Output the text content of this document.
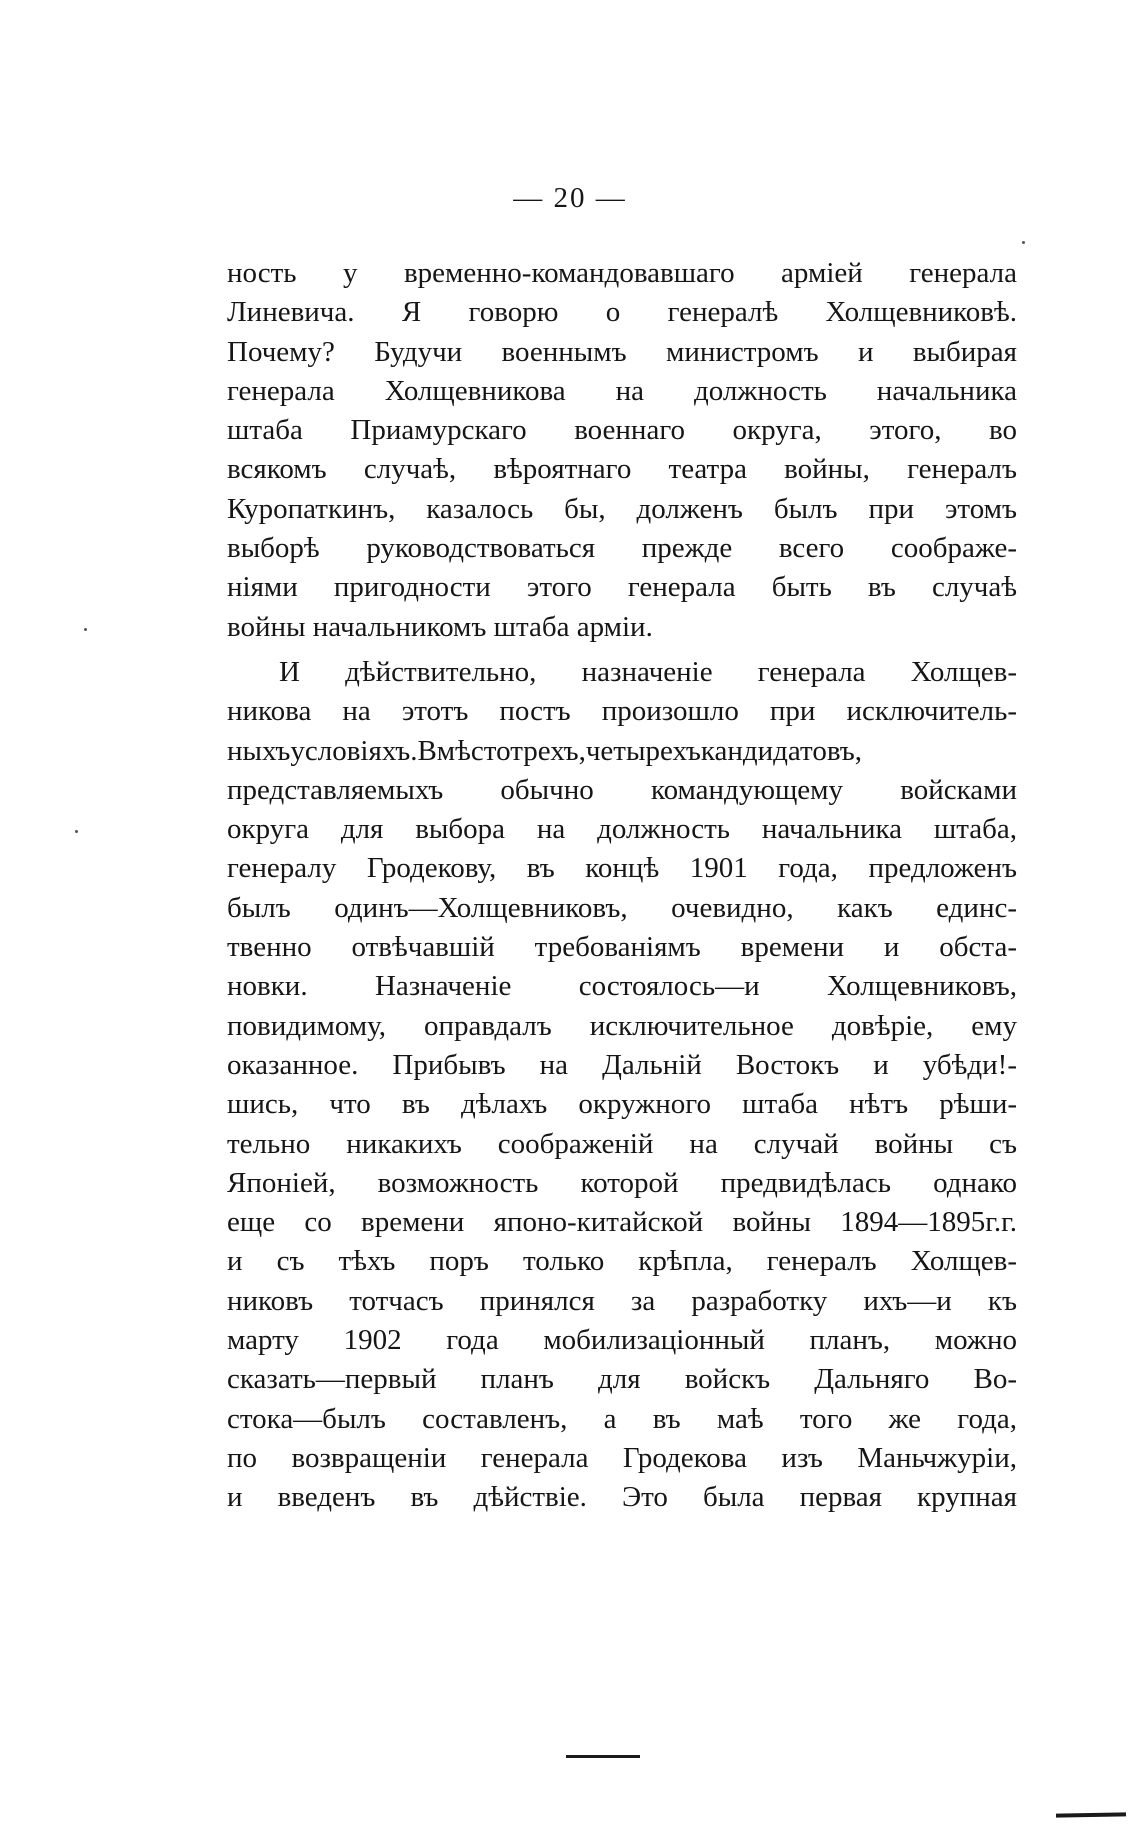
— 20 —
ность у временно-командовавшаго арміей генерала
Линевича. Я говорю о генералѣ Холщевниковѣ.
Почему? Будучи военнымъ министромъ и выбирая
генерала Холщевникова на должность начальника
штаба Приамурскаго военнаго округа, этого, во
всякомъ случаѣ, вѣроятнаго театра войны, генералъ
Куропаткинъ, казалось бы, долженъ былъ при этомъ
выборѣ руководствоваться прежде всего соображе-
ніями пригодности этого генерала быть въ случаѣ
войны начальникомъ штаба арміи.
И дѣйствительно, назначеніе генерала Холщев-
никова на этотъ постъ произошло при исключитель-
ныхъусловіяхъ.Вмѣстотрехъ,четырехъкандидатовъ,
представляемыхъ обычно командующему войсками
округа для выбора на должность начальника штаба,
генералу Гродекову, въ концѣ 1901 года, предложенъ
былъ одинъ—Холщевниковъ, очевидно, какъ единс-
твенно отвѣчавшій требованіямъ времени и обста-
новки. Назначеніе состоялось—и Холщевниковъ,
повидимому, оправдалъ исключительное довѣріе, ему
оказанное. Прибывъ на Дальній Востокъ и убѣди!-
шись, что въ дѣлахъ окружного штаба нѣтъ рѣши-
тельно никакихъ соображеній на случай войны съ
Японіей, возможность которой предвидѣлась однако
еще со времени японо-китайской войны 1894—1895г.г.
и съ тѣхъ поръ только крѣпла, генералъ Холщев-
никовъ тотчасъ принялся за разработку ихъ—и къ
марту 1902 года мобилизаціонный планъ, можно
сказать—первый планъ для войскъ Дальняго Во-
стока—былъ составленъ, а въ маѣ того же года,
по возвращеніи генерала Гродекова изъ Маньчжуріи,
и введенъ въ дѣйствіе. Это была первая крупная
